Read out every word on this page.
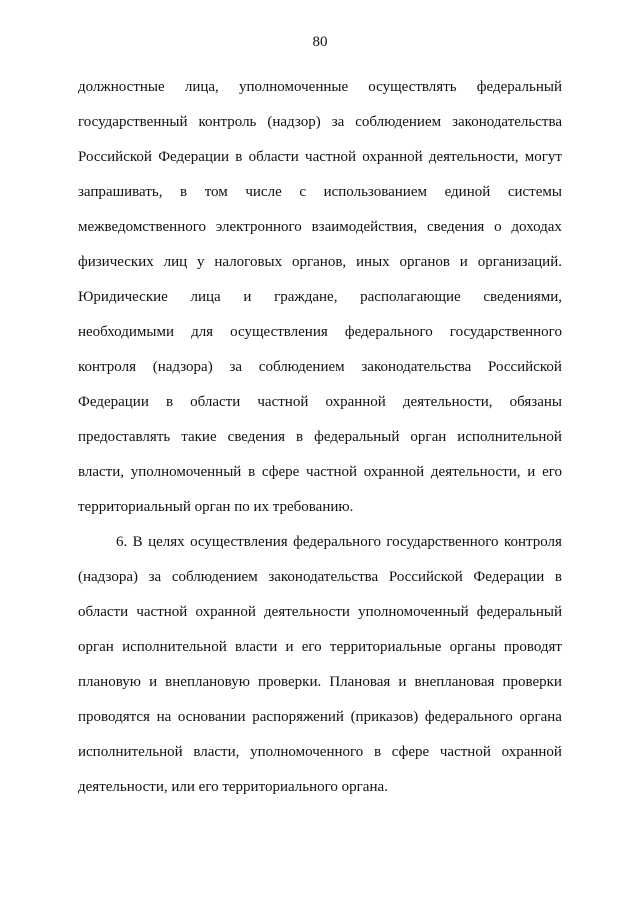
80
должностные лица, уполномоченные осуществлять федеральный
государственный контроль (надзор) за соблюдением законодательства
Российской Федерации в области частной охранной деятельности, могут
запрашивать, в том числе с использованием единой системы
межведомственного электронного взаимодействия, сведения о доходах
физических лиц у налоговых органов, иных органов и организаций.
Юридические лица и граждане, располагающие сведениями,
необходимыми для осуществления федерального государственного
контроля (надзора) за соблюдением законодательства Российской
Федерации в области частной охранной деятельности, обязаны
предоставлять такие сведения в федеральный орган исполнительной
власти, уполномоченный в сфере частной охранной деятельности, и его
территориальный орган по их требованию.
6. В целях осуществления федерального государственного контроля
(надзора) за соблюдением законодательства Российской Федерации в
области частной охранной деятельности уполномоченный федеральный
орган исполнительной власти и его территориальные органы проводят
плановую и внеплановую проверки. Плановая и внеплановая проверки
проводятся на основании распоряжений (приказов) федерального органа
исполнительной власти, уполномоченного в сфере частной охранной
деятельности, или его территориального органа.
